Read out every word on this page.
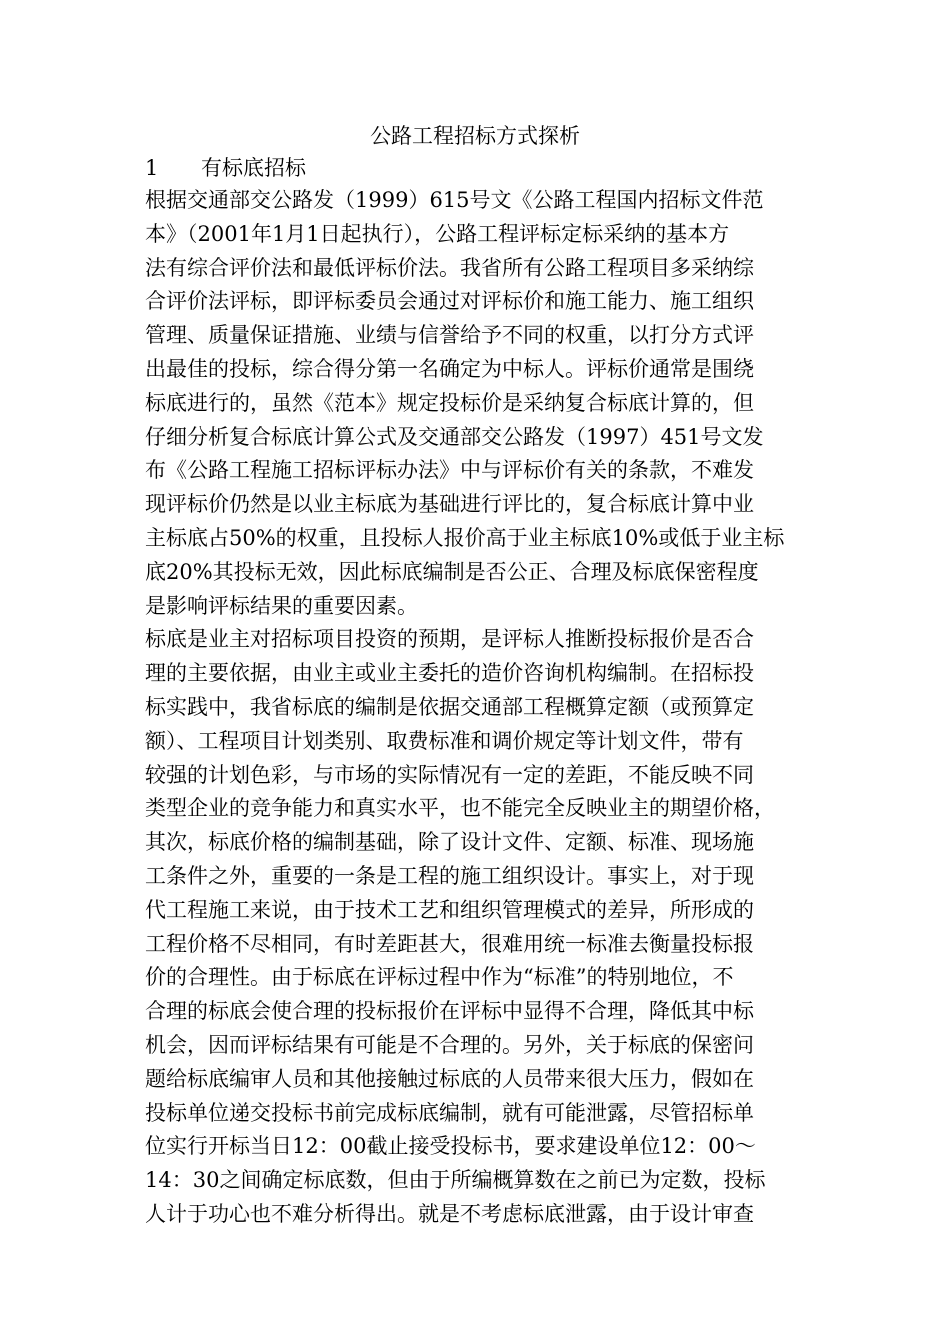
公路工程招标方式探析
1 有标底招标
根据交通部交公路发（1999）615号文《公路工程国内招标文件范
本》（2001年1月1日起执行），公路工程评标定标采纳的基本方
法有综合评价法和最低评标价法。我省所有公路工程项目多采纳综
合评价法评标，即评标委员会通过对评标价和施工能力、施工组织
管理、质量保证措施、业绩与信誉给予不同的权重，以打分方式评
出最佳的投标，综合得分第一名确定为中标人。评标价通常是围绕
标底进行的，虽然《范本》规定投标价是采纳复合标底计算的，但
仔细分析复合标底计算公式及交通部交公路发（1997）451号文发
布《公路工程施工招标评标办法》中与评标价有关的条款，不难发
现评标价仍然是以业主标底为基础进行评比的，复合标底计算中业
主标底占50%的权重，且投标人报价高于业主标底10%或低于业主标
底20%其投标无效，因此标底编制是否公正、合理及标底保密程度
是影响评标结果的重要因素。
标底是业主对招标项目投资的预期，是评标人推断投标报价是否合
理的主要依据，由业主或业主委托的造价咨询机构编制。在招标投
标实践中，我省标底的编制是依据交通部工程概算定额（或预算定
额）、工程项目计划类别、取费标准和调价规定等计划文件，带有
较强的计划色彩，与市场的实际情况有一定的差距，不能反映不同
类型企业的竞争能力和真实水平，也不能完全反映业主的期望价格，
其次，标底价格的编制基础，除了设计文件、定额、标准、现场施
工条件之外，重要的一条是工程的施工组织设计。事实上，对于现
代工程施工来说，由于技术工艺和组织管理模式的差异，所形成的
工程价格不尽相同，有时差距甚大，很难用统一标准去衡量投标报
价的合理性。由于标底在评标过程中作为“标准”的特别地位，不
合理的标底会使合理的投标报价在评标中显得不合理，降低其中标
机会，因而评标结果有可能是不合理的。另外，关于标底的保密问
题给标底编审人员和其他接触过标底的人员带来很大压力，假如在
投标单位递交投标书前完成标底编制，就有可能泄露，尽管招标单
位实行开标当日12：00截止接受投标书，要求建设单位12：00～
14：30之间确定标底数，但由于所编概算数在之前已为定数，投标
人计于功心也不难分析得出。就是不考虑标底泄露，由于设计审查
